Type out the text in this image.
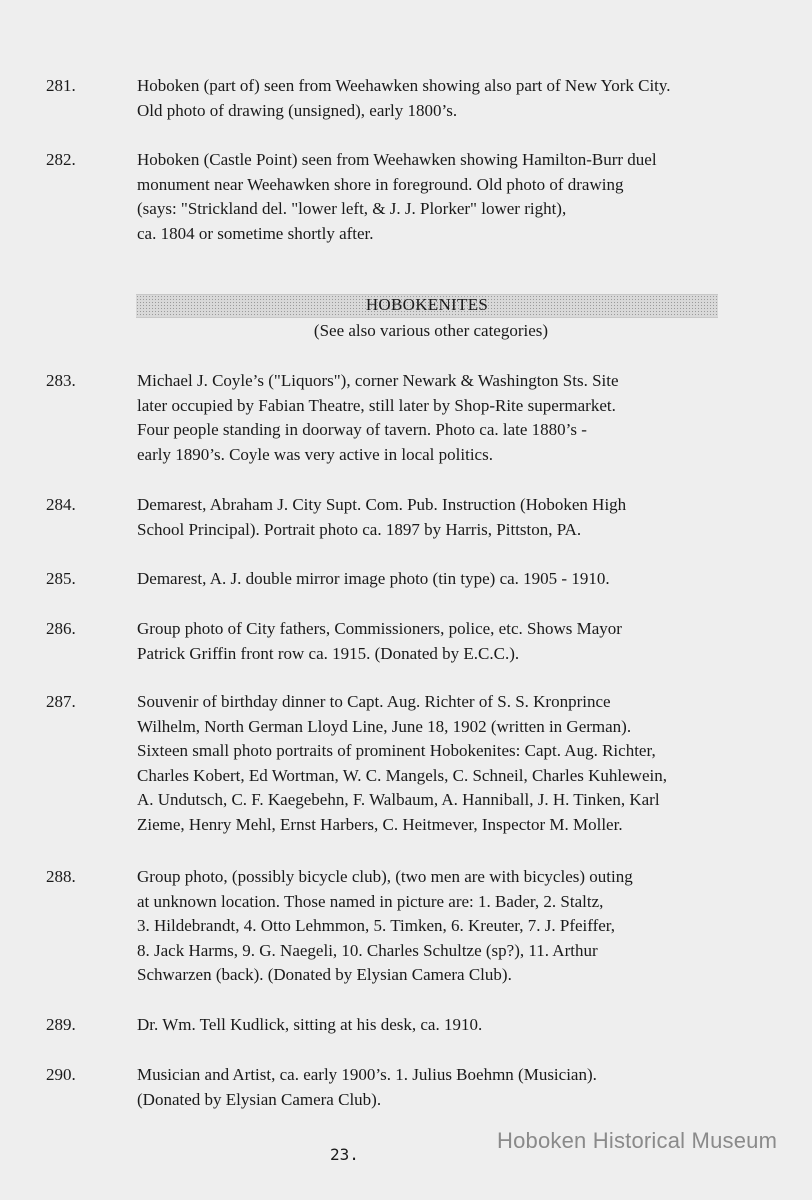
281.	Hoboken (part of) seen from Weehawken showing also part of New York City.
Old photo of drawing (unsigned), early 1800’s.
282.	Hoboken (Castle Point) seen from Weehawken showing Hamilton-Burr duel
monument near Weehawken shore in foreground. Old photo of drawing
(says: "Strickland del. "lower left, & J. J. Plorker" lower right),
ca. 1804 or sometime shortly after.
HOBOKENITES
(See also various other categories)
283.	Michael J. Coyle’s ("Liquors"), corner Newark & Washington Sts. Site
later occupied by Fabian Theatre, still later by Shop-Rite supermarket.
Four people standing in doorway of tavern. Photo ca. late 1880’s -
early 1890’s. Coyle was very active in local politics.
284.	Demarest, Abraham J. City Supt. Com. Pub. Instruction (Hoboken High
School Principal). Portrait photo ca. 1897 by Harris, Pittston, PA.
285.	Demarest, A. J. double mirror image photo (tin type) ca. 1905 - 1910.
286.	Group photo of City fathers, Commissioners, police, etc. Shows Mayor
Patrick Griffin front row ca. 1915. (Donated by E.C.C.).
287.	Souvenir of birthday dinner to Capt. Aug. Richter of S. S. Kronprince
Wilhelm, North German Lloyd Line, June 18, 1902 (written in German).
Sixteen small photo portraits of prominent Hobokenites: Capt. Aug. Richter,
Charles Kobert, Ed Wortman, W. C. Mangels, C. Schneil, Charles Kuhlewein,
A. Undutsch, C. F. Kaegebehn, F. Walbaum, A. Hanniball, J. H. Tinken, Karl
Zieme, Henry Mehl, Ernst Harbers, C. Heitmever, Inspector M. Moller.
288.	Group photo, (possibly bicycle club), (two men are with bicycles) outing
at unknown location. Those named in picture are: 1. Bader, 2. Staltz,
3. Hildebrandt, 4. Otto Lehmmon, 5. Timken, 6. Kreuter, 7. J. Pfeiffer,
8. Jack Harms, 9. G. Naegeli, 10. Charles Schultze (sp?), 11. Arthur
Schwarzen (back). (Donated by Elysian Camera Club).
289.	Dr. Wm. Tell Kudlick, sitting at his desk, ca. 1910.
290.	Musician and Artist, ca. early 1900’s. 1. Julius Boehmn (Musician).
(Donated by Elysian Camera Club).
Hoboken Historical Museum
23.
